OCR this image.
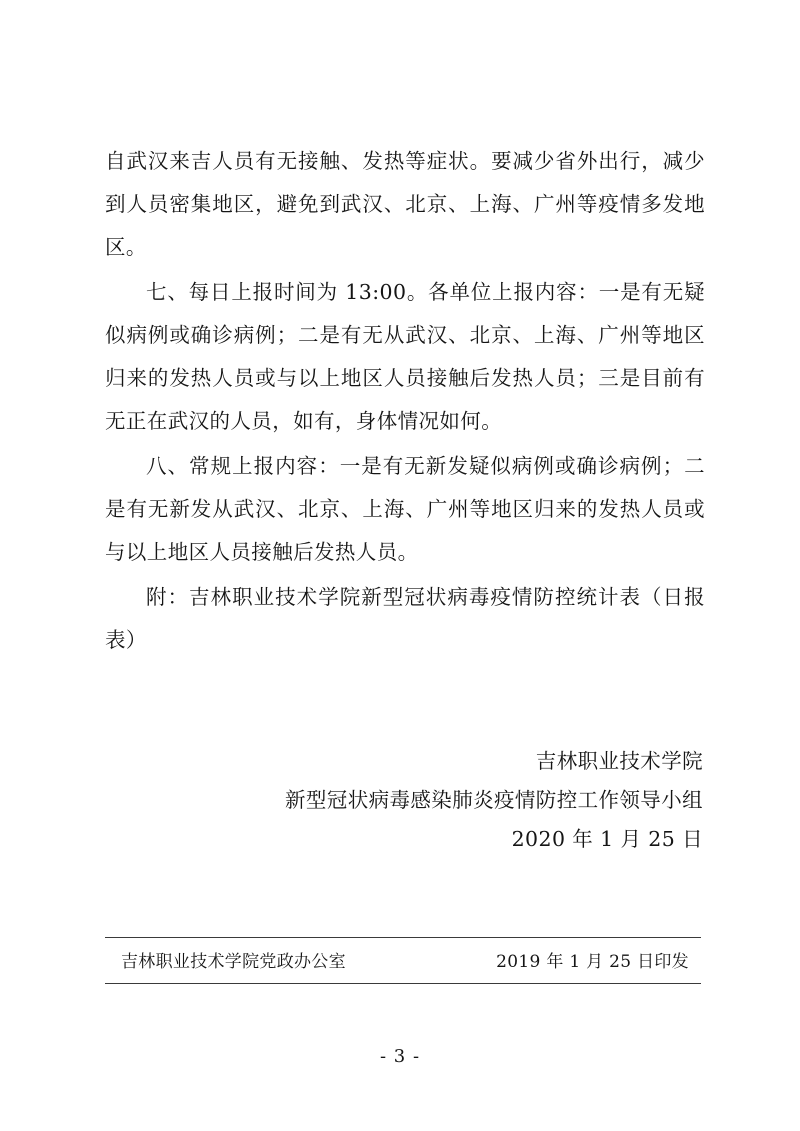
自武汉来吉人员有无接触、发热等症状。要减少省外出行，减少到人员密集地区，避免到武汉、北京、上海、广州等疫情多发地区。

七、每日上报时间为 13:00。各单位上报内容：一是有无疑似病例或确诊病例；二是有无从武汉、北京、上海、广州等地区归来的发热人员或与以上地区人员接触后发热人员；三是目前有无正在武汉的人员，如有，身体情况如何。

八、常规上报内容：一是有无新发疑似病例或确诊病例；二是有无新发从武汉、北京、上海、广州等地区归来的发热人员或与以上地区人员接触后发热人员。

附：吉林职业技术学院新型冠状病毒疫情防控统计表（日报表）

吉林职业技术学院
新型冠状病毒感染肺炎疫情防控工作领导小组
2020 年 1 月 25 日
吉林职业技术学院党政办公室	2019 年 1 月 25 日印发
- 3 -
